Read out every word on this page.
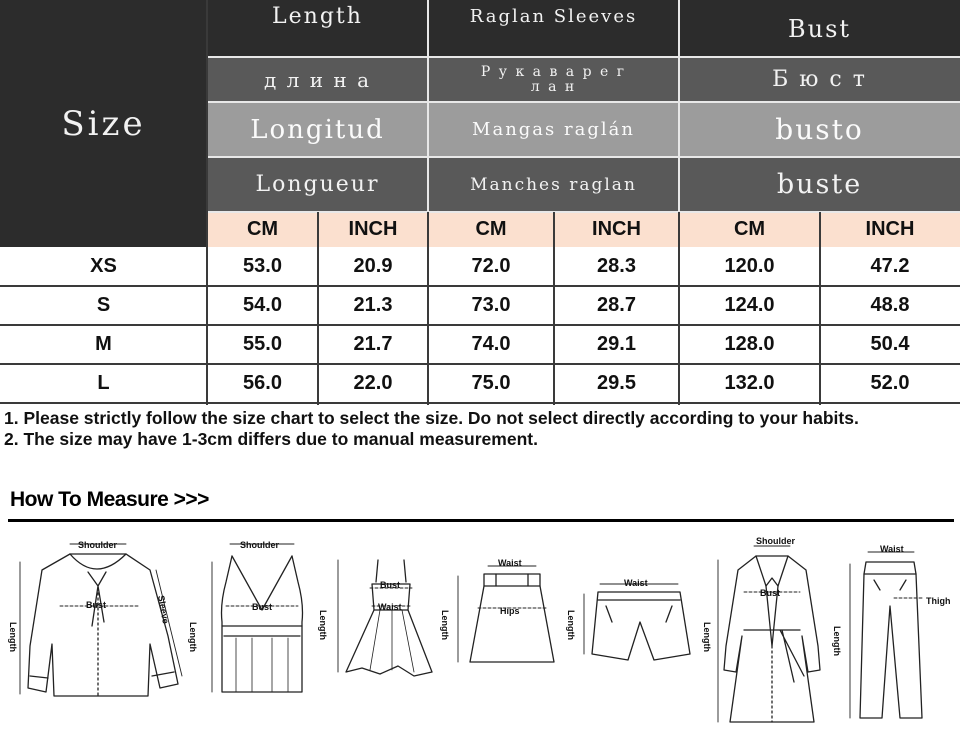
Size
Length
д л и н а
Longitud
Longueur
Raglan Sleeves
Р у к а в а р е г
л а н
Mangas raglán
Manches raglan
Bust
Б ю с т
busto
buste
CM	INCH	CM	INCH	CM	INCH
XS	53.0	20.9	72.0	28.3	120.0	47.2
S	54.0	21.3	73.0	28.7	124.0	48.8
M	55.0	21.7	74.0	29.1	128.0	50.4
L	56.0	22.0	75.0	29.5	132.0	52.0

1. Please strictly follow the size chart to select the size. Do not select directly according to your habits.

2. The size may have 1-3cm differs due to manual measurement.

How To Measure >>>
Shoulder
Bust
Length
Sleeve
Shoulder
Bust
Length
Bust
Waist
Length
Waist
Hips
Length
Waist
Length
Shoulder
Bust
Length
Waist
Thigh
Length
